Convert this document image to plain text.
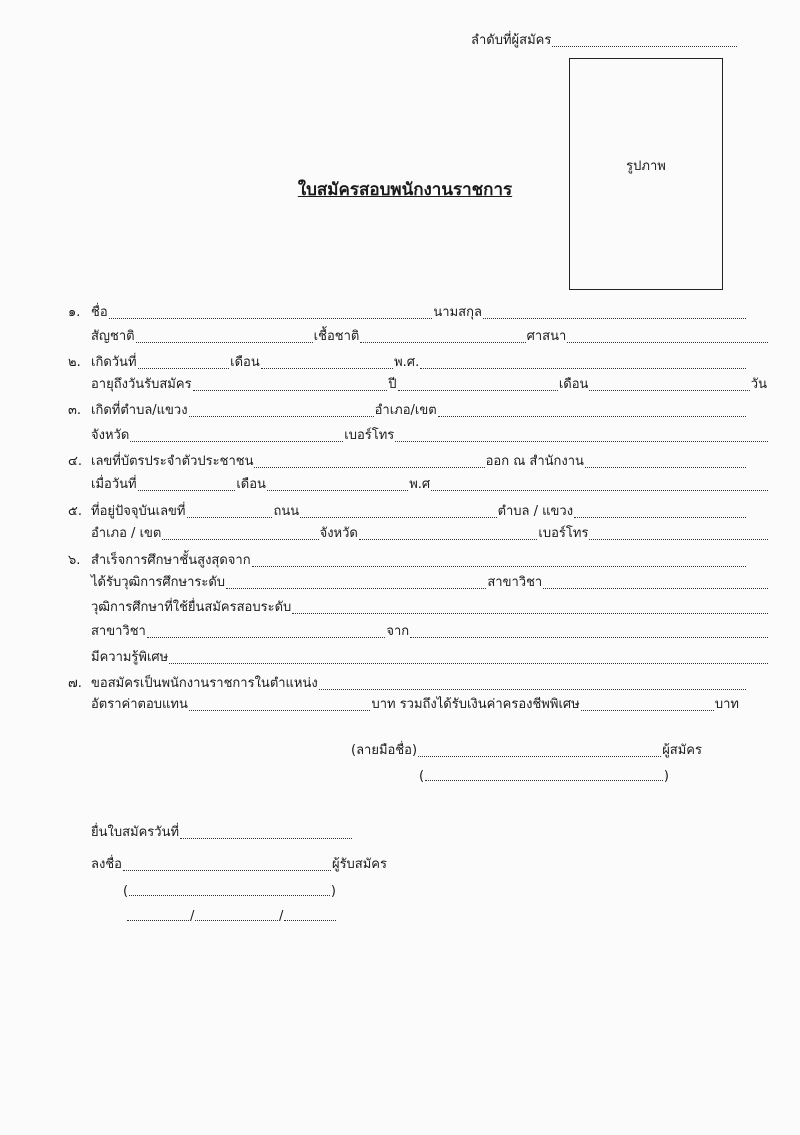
ลำดับที่ผู้สมัคร
รูปภาพ
ใบสมัครสอบพนักงานราชการ
๑. ชื่อ	นามสกุล
สัญชาติ	เชื้อชาติ	ศาสนา
๒. เกิดวันที่	เดือน	พ.ศ.
อายุถึงวันรับสมัคร	ปี	เดือน	วัน
๓. เกิดที่ตำบล/แขวง	อำเภอ/เขต
จังหวัด	เบอร์โทร
๔. เลขที่บัตรประจำตัวประชาชน	ออก ณ สำนักงาน
เมื่อวันที่	เดือน	พ.ศ
๕. ที่อยู่ปัจจุบันเลขที่	ถนน	ตำบล / แขวง
อำเภอ / เขต	จังหวัด	เบอร์โทร
๖. สำเร็จการศึกษาชั้นสูงสุดจาก
ได้รับวุฒิการศึกษาระดับ	สาขาวิชา
วุฒิการศึกษาที่ใช้ยื่นสมัครสอบระดับ
สาขาวิชา	จาก
มีความรู้พิเศษ
๗. ขอสมัครเป็นพนักงานราชการในตำแหน่ง
อัตราค่าตอบแทน	บาท รวมถึงได้รับเงินค่าครองชีพพิเศษ	บาท
(ลายมือชื่อ)	ผู้สมัคร
(	)
ยื่นใบสมัครวันที่
ลงชื่อ	ผู้รับสมัคร
(	)
/	/
